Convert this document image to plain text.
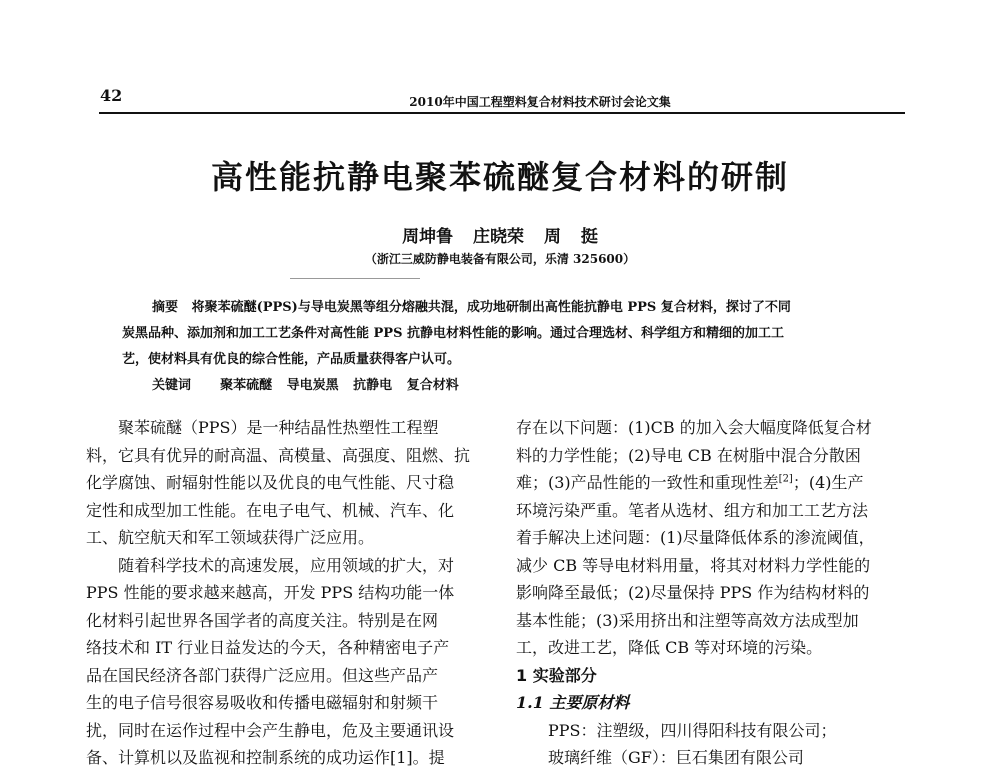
42	2010年中国工程塑料复合材料技术研讨会论文集
高性能抗静电聚苯硫醚复合材料的研制
周坤鲁 庄晓荣 周 挺
（浙江三威防静电装备有限公司，乐清 325600）
摘要 将聚苯硫醚(PPS)与导电炭黑等组分熔融共混，成功地研制出高性能抗静电 PPS 复合材料，探讨了不同
炭黑品种、添加剂和加工工艺条件对高性能 PPS 抗静电材料性能的影响。通过合理选材、科学组方和精细的加工工
艺，使材料具有优良的综合性能，产品质量获得客户认可。
关键词 聚苯硫醚 导电炭黑 抗静电 复合材料
聚苯硫醚（PPS）是一种结晶性热塑性工程塑
料，它具有优异的耐高温、高模量、高强度、阻燃、抗
化学腐蚀、耐辐射性能以及优良的电气性能、尺寸稳
定性和成型加工性能。在电子电气、机械、汽车、化
工、航空航天和军工领域获得广泛应用。
随着科学技术的高速发展，应用领域的扩大，对
PPS 性能的要求越来越高，开发 PPS 结构功能一体
化材料引起世界各国学者的高度关注。特别是在网
络技术和 IT 行业日益发达的今天，各种精密电子产
品在国民经济各部门获得广泛应用。但这些产品产
生的电子信号很容易吸收和传播电磁辐射和射频干
扰，同时在运作过程中会产生静电，危及主要通讯设
备、计算机以及监视和控制系统的成功运作[1]。提
存在以下问题：(1)CB 的加入会大幅度降低复合材
料的力学性能；(2)导电 CB 在树脂中混合分散困
难；(3)产品性能的一致性和重现性差[2]；(4)生产
环境污染严重。笔者从选材、组方和加工工艺方法
着手解决上述问题：(1)尽量降低体系的渗流阈值，
减少 CB 等导电材料用量，将其对材料力学性能的
影响降至最低；(2)尽量保持 PPS 作为结构材料的
基本性能；(3)采用挤出和注塑等高效方法成型加
工，改进工艺，降低 CB 等对环境的污染。
1 实验部分
1.1 主要原材料
PPS：注塑级，四川得阳科技有限公司；
玻璃纤维（GF）：巨石集团有限公司
